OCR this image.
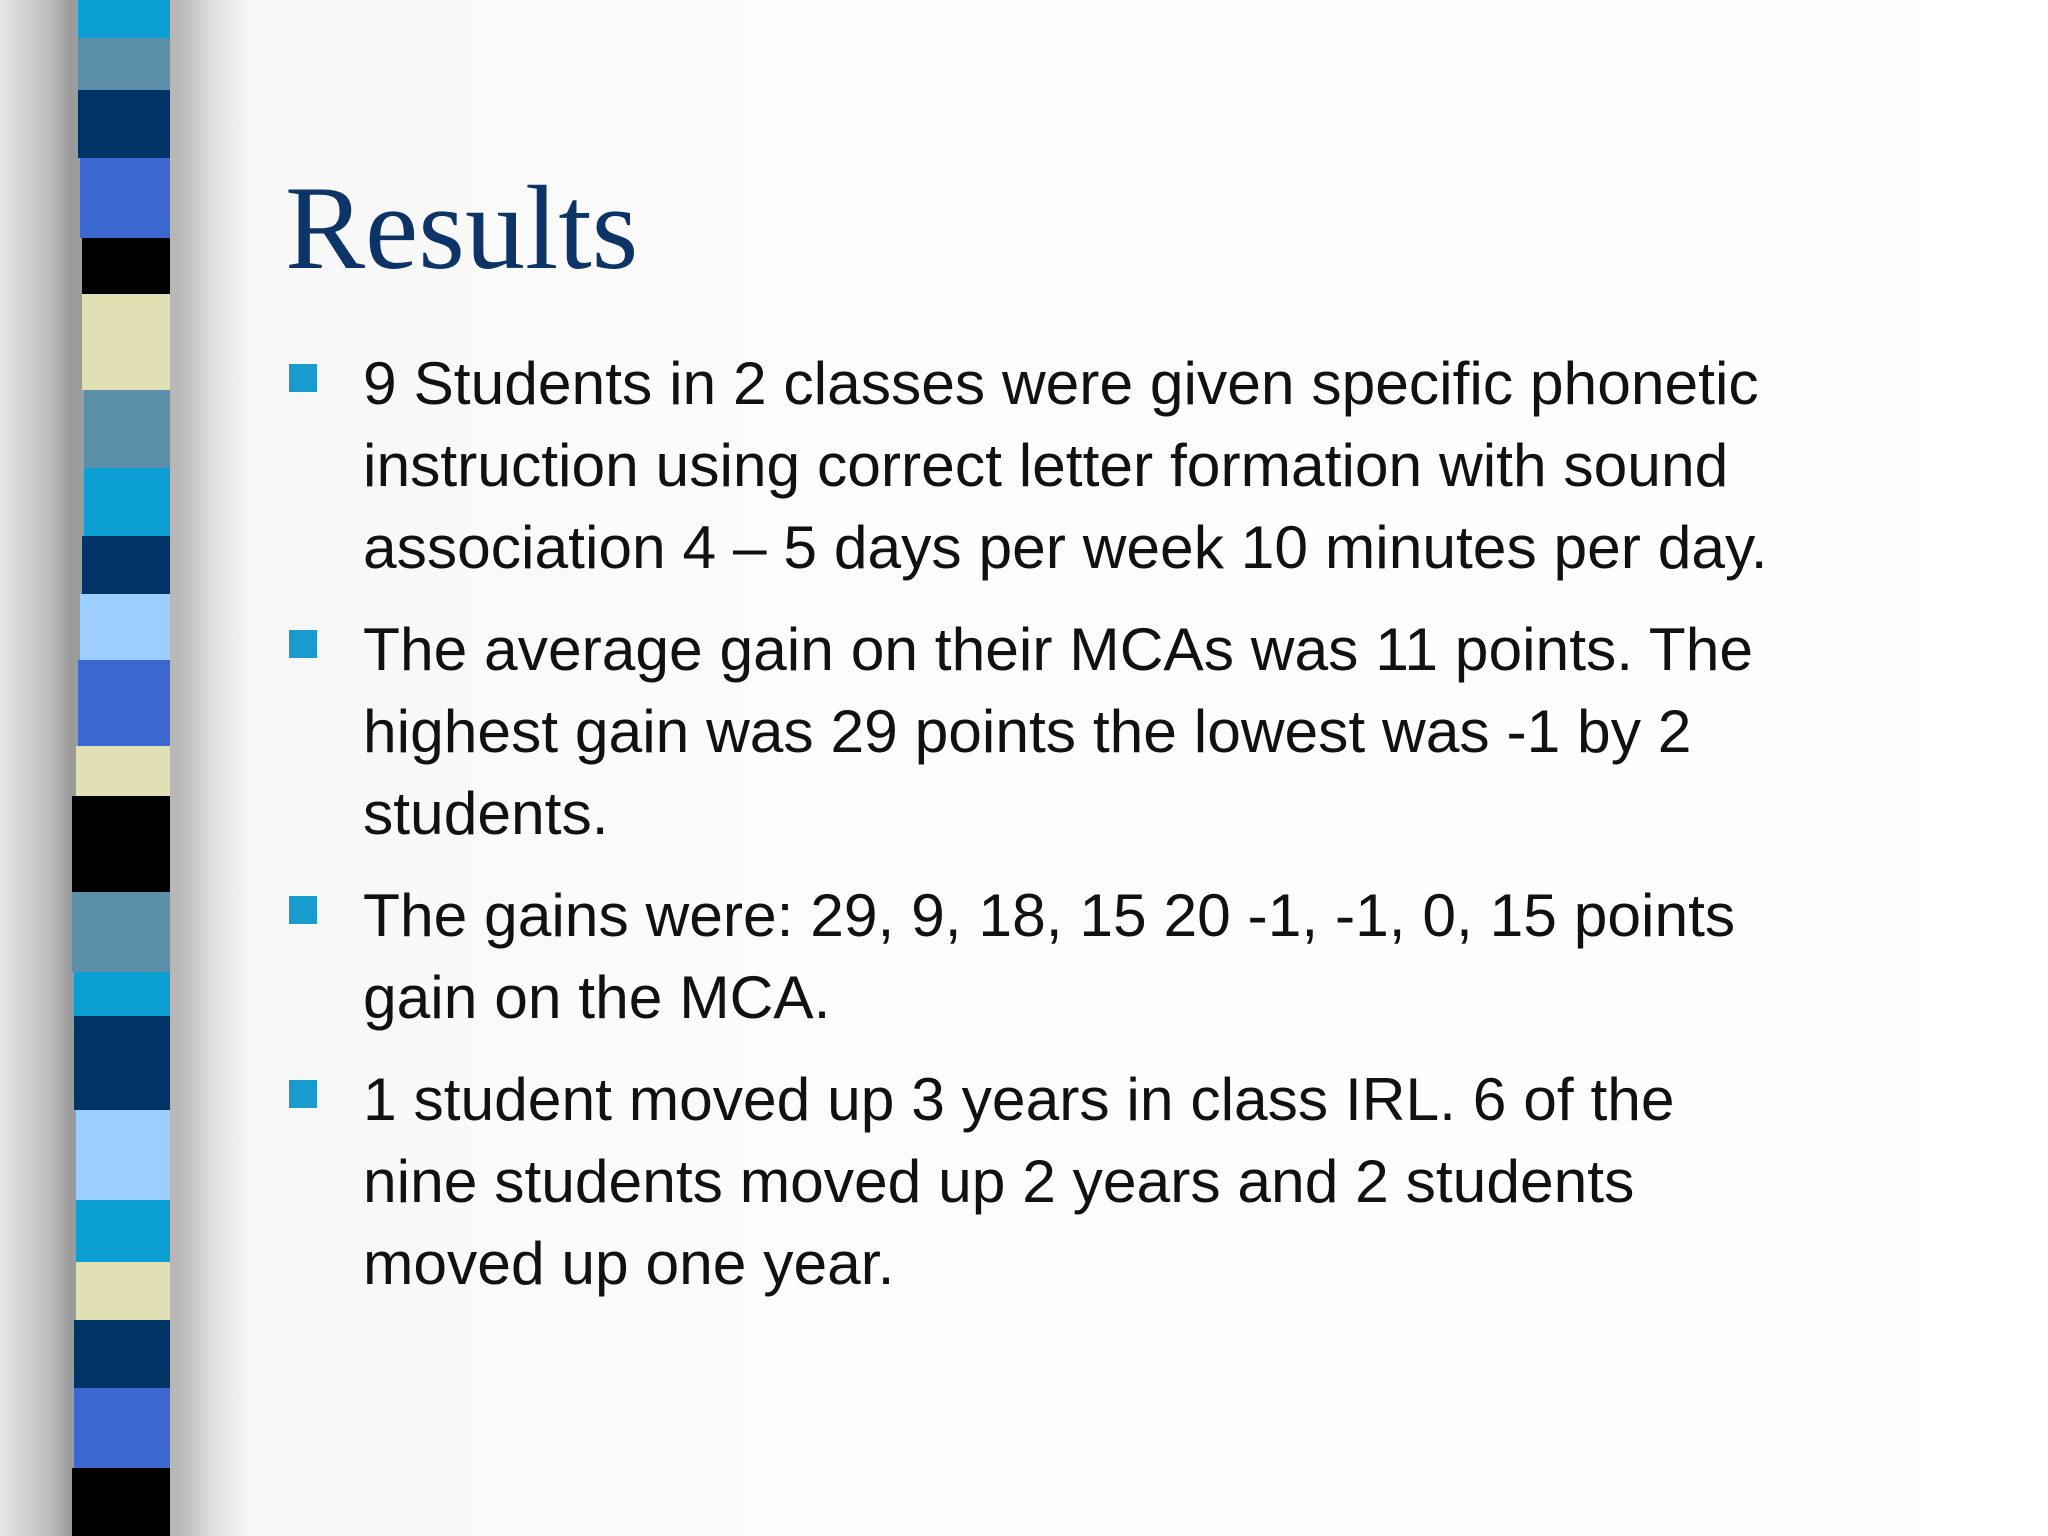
Results
9 Students in 2 classes were given specific phonetic
instruction using correct letter formation with sound
association 4 – 5 days per week 10 minutes per day.
The average gain on their MCAs was 11 points. The
highest gain was 29 points the lowest was -1 by 2
students.
The gains were: 29, 9, 18, 15 20 -1, -1, 0, 15 points
gain on the MCA.
1 student moved up 3 years in class IRL. 6 of the
nine students moved up 2 years and 2 students
moved up one year.
